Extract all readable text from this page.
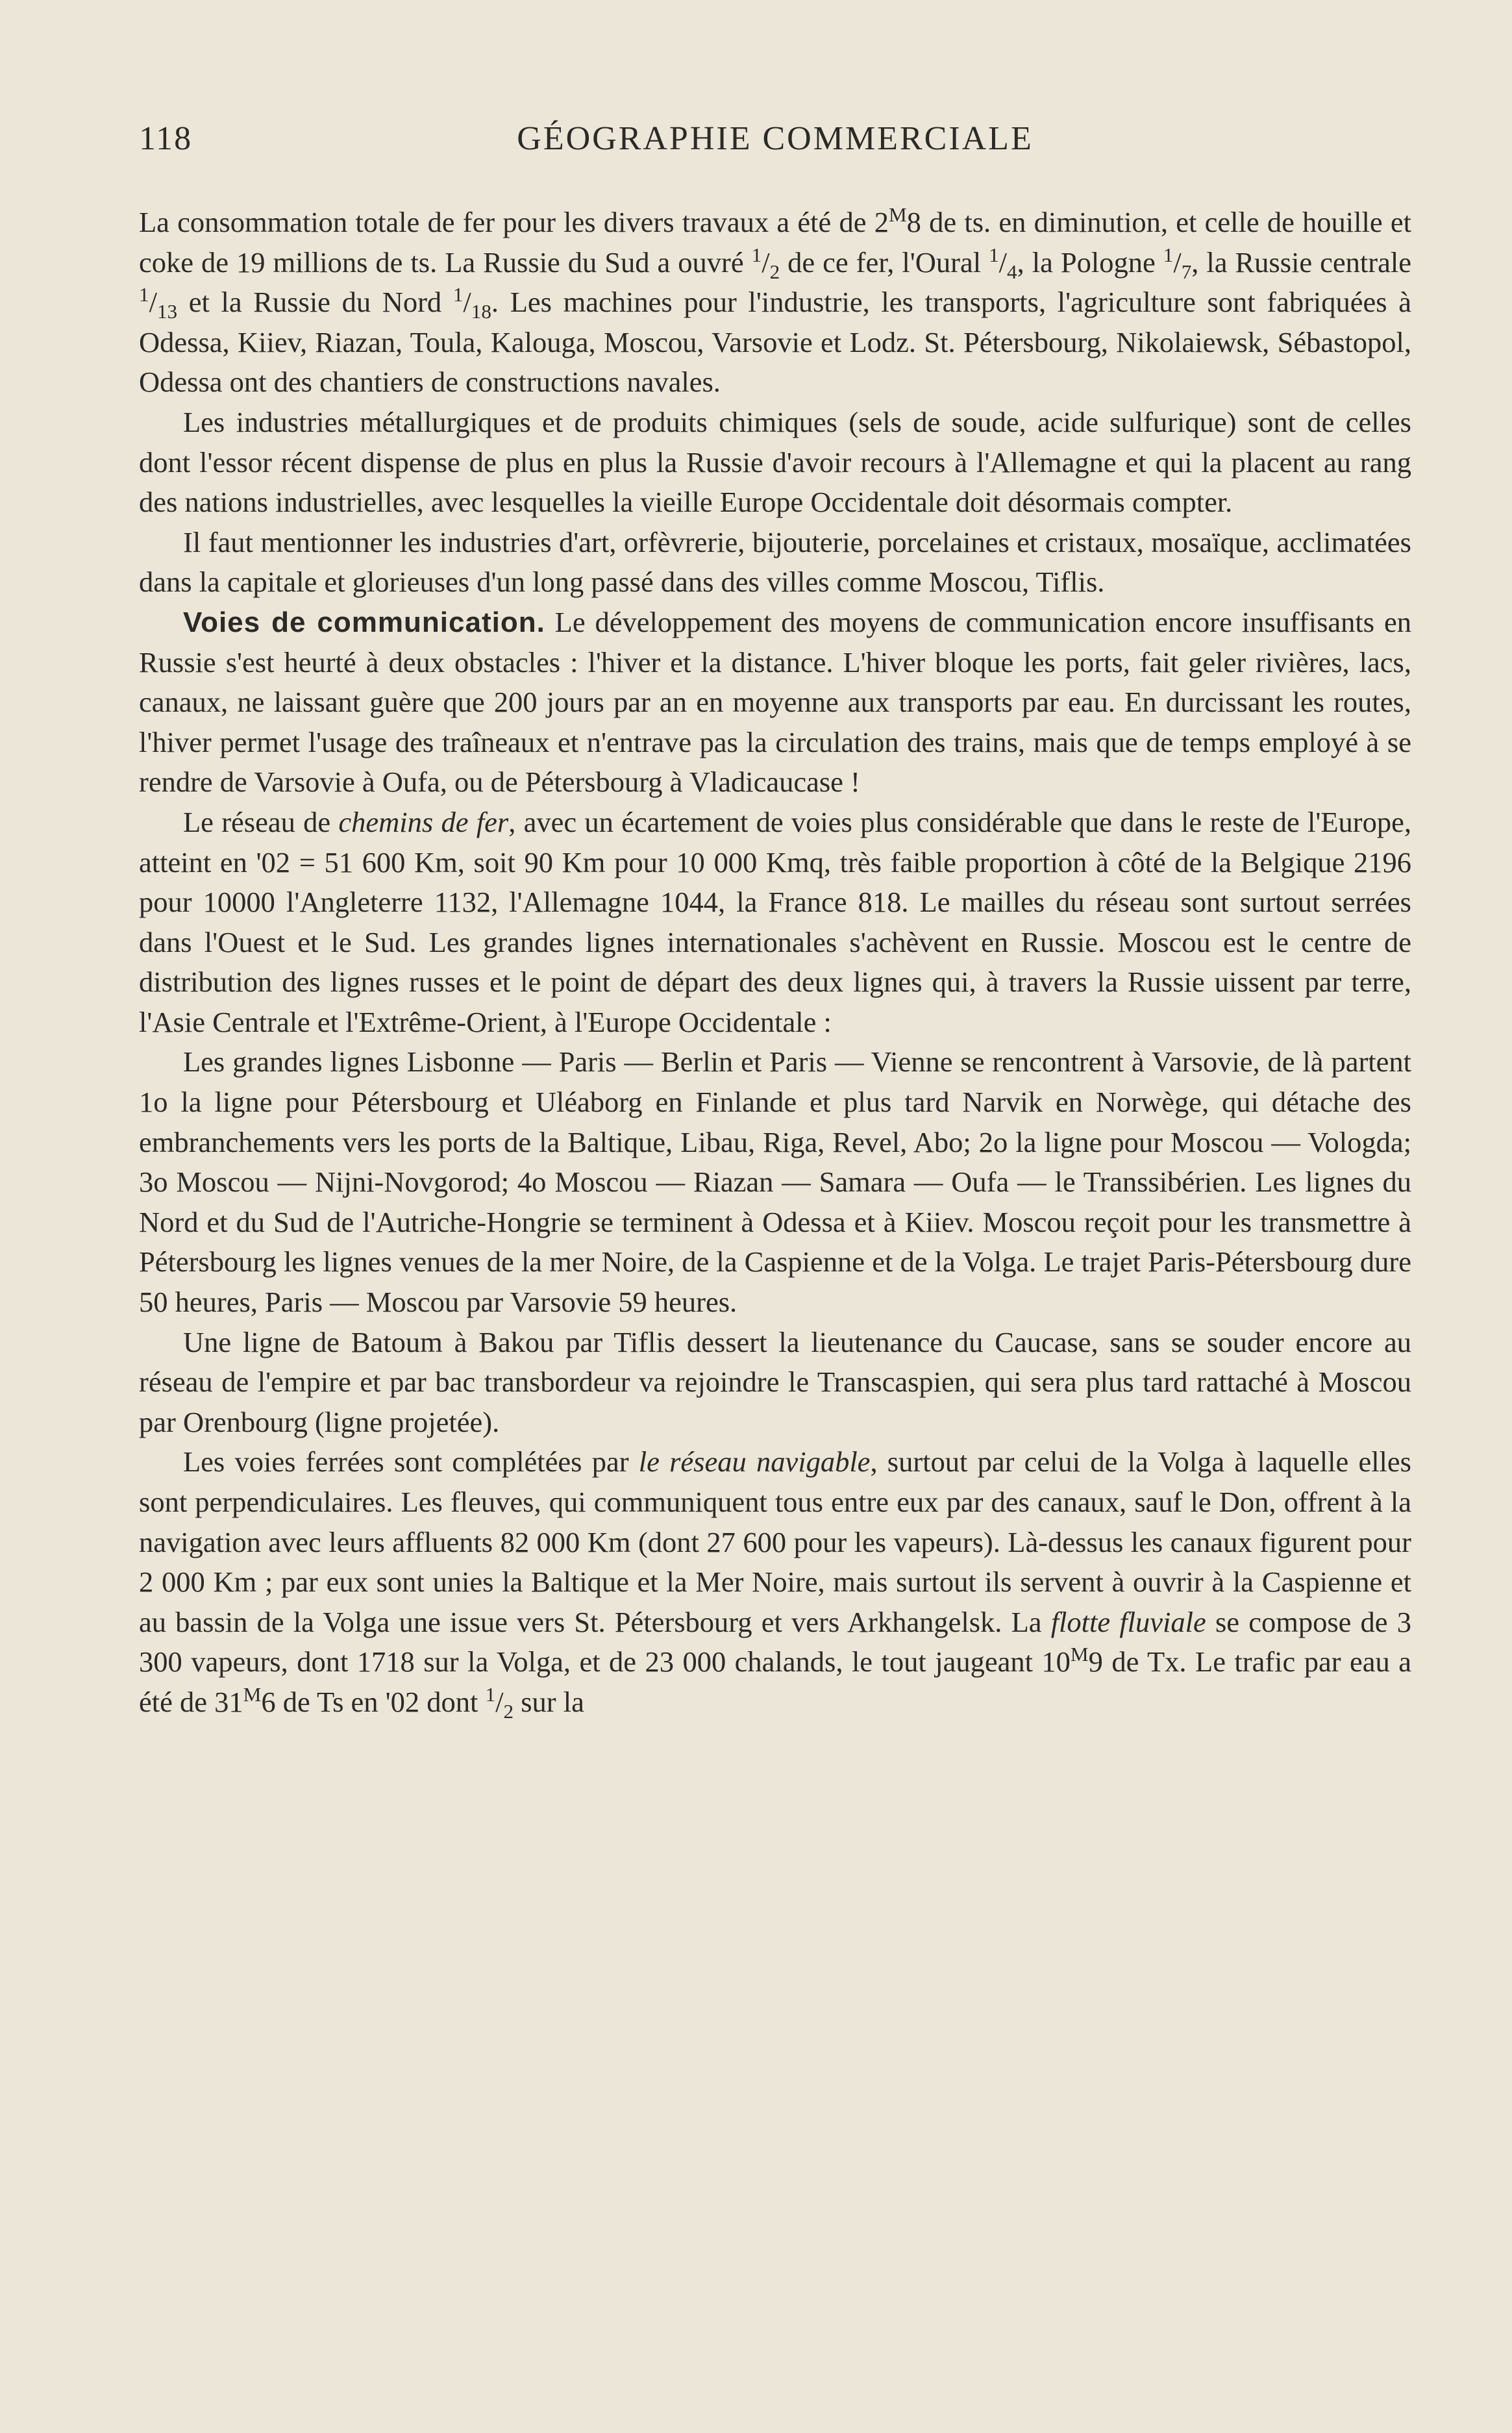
118	GÉOGRAPHIE COMMERCIALE

La consommation totale de fer pour les divers travaux a été de $2^M8$ de ts. en diminution, et celle de houille et coke de 19 millions de ts. La Russie du Sud a ouvré $^1/_2$ de ce fer, l'Oural $^1/_4$, la Pologne $^1/_7$, la Russie centrale $^1/_{13}$ et la Russie du Nord $^1/_{18}$. Les machines pour l'industrie, les transports, l'agriculture sont fabriquées à Odessa, Kiiev, Riazan, Toula, Kalouga, Moscou, Varsovie et Lodz. St. Pétersbourg, Nikolaiewsk, Sébastopol, Odessa ont des chantiers de constructions navales.

Les industries métallurgiques et de produits chimiques (sels de soude, acide sulfurique) sont de celles dont l'essor récent dispense de plus en plus la Russie d'avoir recours à l'Allemagne et qui la placent au rang des nations industrielles, avec lesquelles la vieille Europe Occidentale doit désormais compter.

Il faut mentionner les industries d'art, orfèvrerie, bijouterie, porcelaines et cristaux, mosaïque, acclimatées dans la capitale et glorieuses d'un long passé dans des villes comme Moscou, Tiflis.

Voies de communication. Le développement des moyens de communication encore insuffisants en Russie s'est heurté à deux obstacles : l'hiver et la distance. L'hiver bloque les ports, fait geler rivières, lacs, canaux, ne laissant guère que 200 jours par an en moyenne aux transports par eau. En durcissant les routes, l'hiver permet l'usage des traîneaux et n'entrave pas la circulation des trains, mais que de temps employé à se rendre de Varsovie à Oufa, ou de Pétersbourg à Vladicaucase !

Le réseau de chemins de fer, avec un écartement de voies plus considérable que dans le reste de l'Europe, atteint en '02 = 51 600 Km, soit 90 Km pour 10 000 Kmq, très faible proportion à côté de la Belgique 2196 pour 10000 l'Angleterre 1132, l'Allemagne 1044, la France 818. Le mailles du réseau sont surtout serrées dans l'Ouest et le Sud. Les grandes lignes internationales s'achèvent en Russie. Moscou est le centre de distribution des lignes russes et le point de départ des deux lignes qui, à travers la Russie uissent par terre, l'Asie Centrale et l'Extrême-Orient, à l'Europe Occidentale :

Les grandes lignes Lisbonne — Paris — Berlin et Paris — Vienne se rencontrent à Varsovie, de là partent 1o la ligne pour Pétersbourg et Uléaborg en Finlande et plus tard Narvik en Norwège, qui détache des embranchements vers les ports de la Baltique, Libau, Riga, Revel, Abo; 2o la ligne pour Moscou — Vologda; 3o Moscou — Nijni-Novgorod; 4o Moscou — Riazan — Samara — Oufa — le Transsibérien. Les lignes du Nord et du Sud de l'Autriche-Hongrie se terminent à Odessa et à Kiiev. Moscou reçoit pour les transmettre à Pétersbourg les lignes venues de la mer Noire, de la Caspienne et de la Volga. Le trajet Paris-Pétersbourg dure 50 heures, Paris — Moscou par Varsovie 59 heures.

Une ligne de Batoum à Bakou par Tiflis dessert la lieutenance du Caucase, sans se souder encore au réseau de l'empire et par bac transbordeur va rejoindre le Transcaspien, qui sera plus tard rattaché à Moscou par Orenbourg (ligne projetée).

Les voies ferrées sont complétées par le réseau navigable, surtout par celui de la Volga à laquelle elles sont perpendiculaires. Les fleuves, qui communiquent tous entre eux par des canaux, sauf le Don, offrent à la navigation avec leurs affluents 82 000 Km (dont 27 600 pour les vapeurs). Là-dessus les canaux figurent pour 2 000 Km ; par eux sont unies la Baltique et la Mer Noire, mais surtout ils servent à ouvrir à la Caspienne et au bassin de la Volga une issue vers St. Pétersbourg et vers Arkhangelsk. La flotte fluviale se compose de 3 300 vapeurs, dont 1718 sur la Volga, et de 23 000 chalands, le tout jaugeant $10^M9$ de Tx. Le trafic par eau a été de $31^M6$ de Ts en '02 dont $^1/_2$ sur la
